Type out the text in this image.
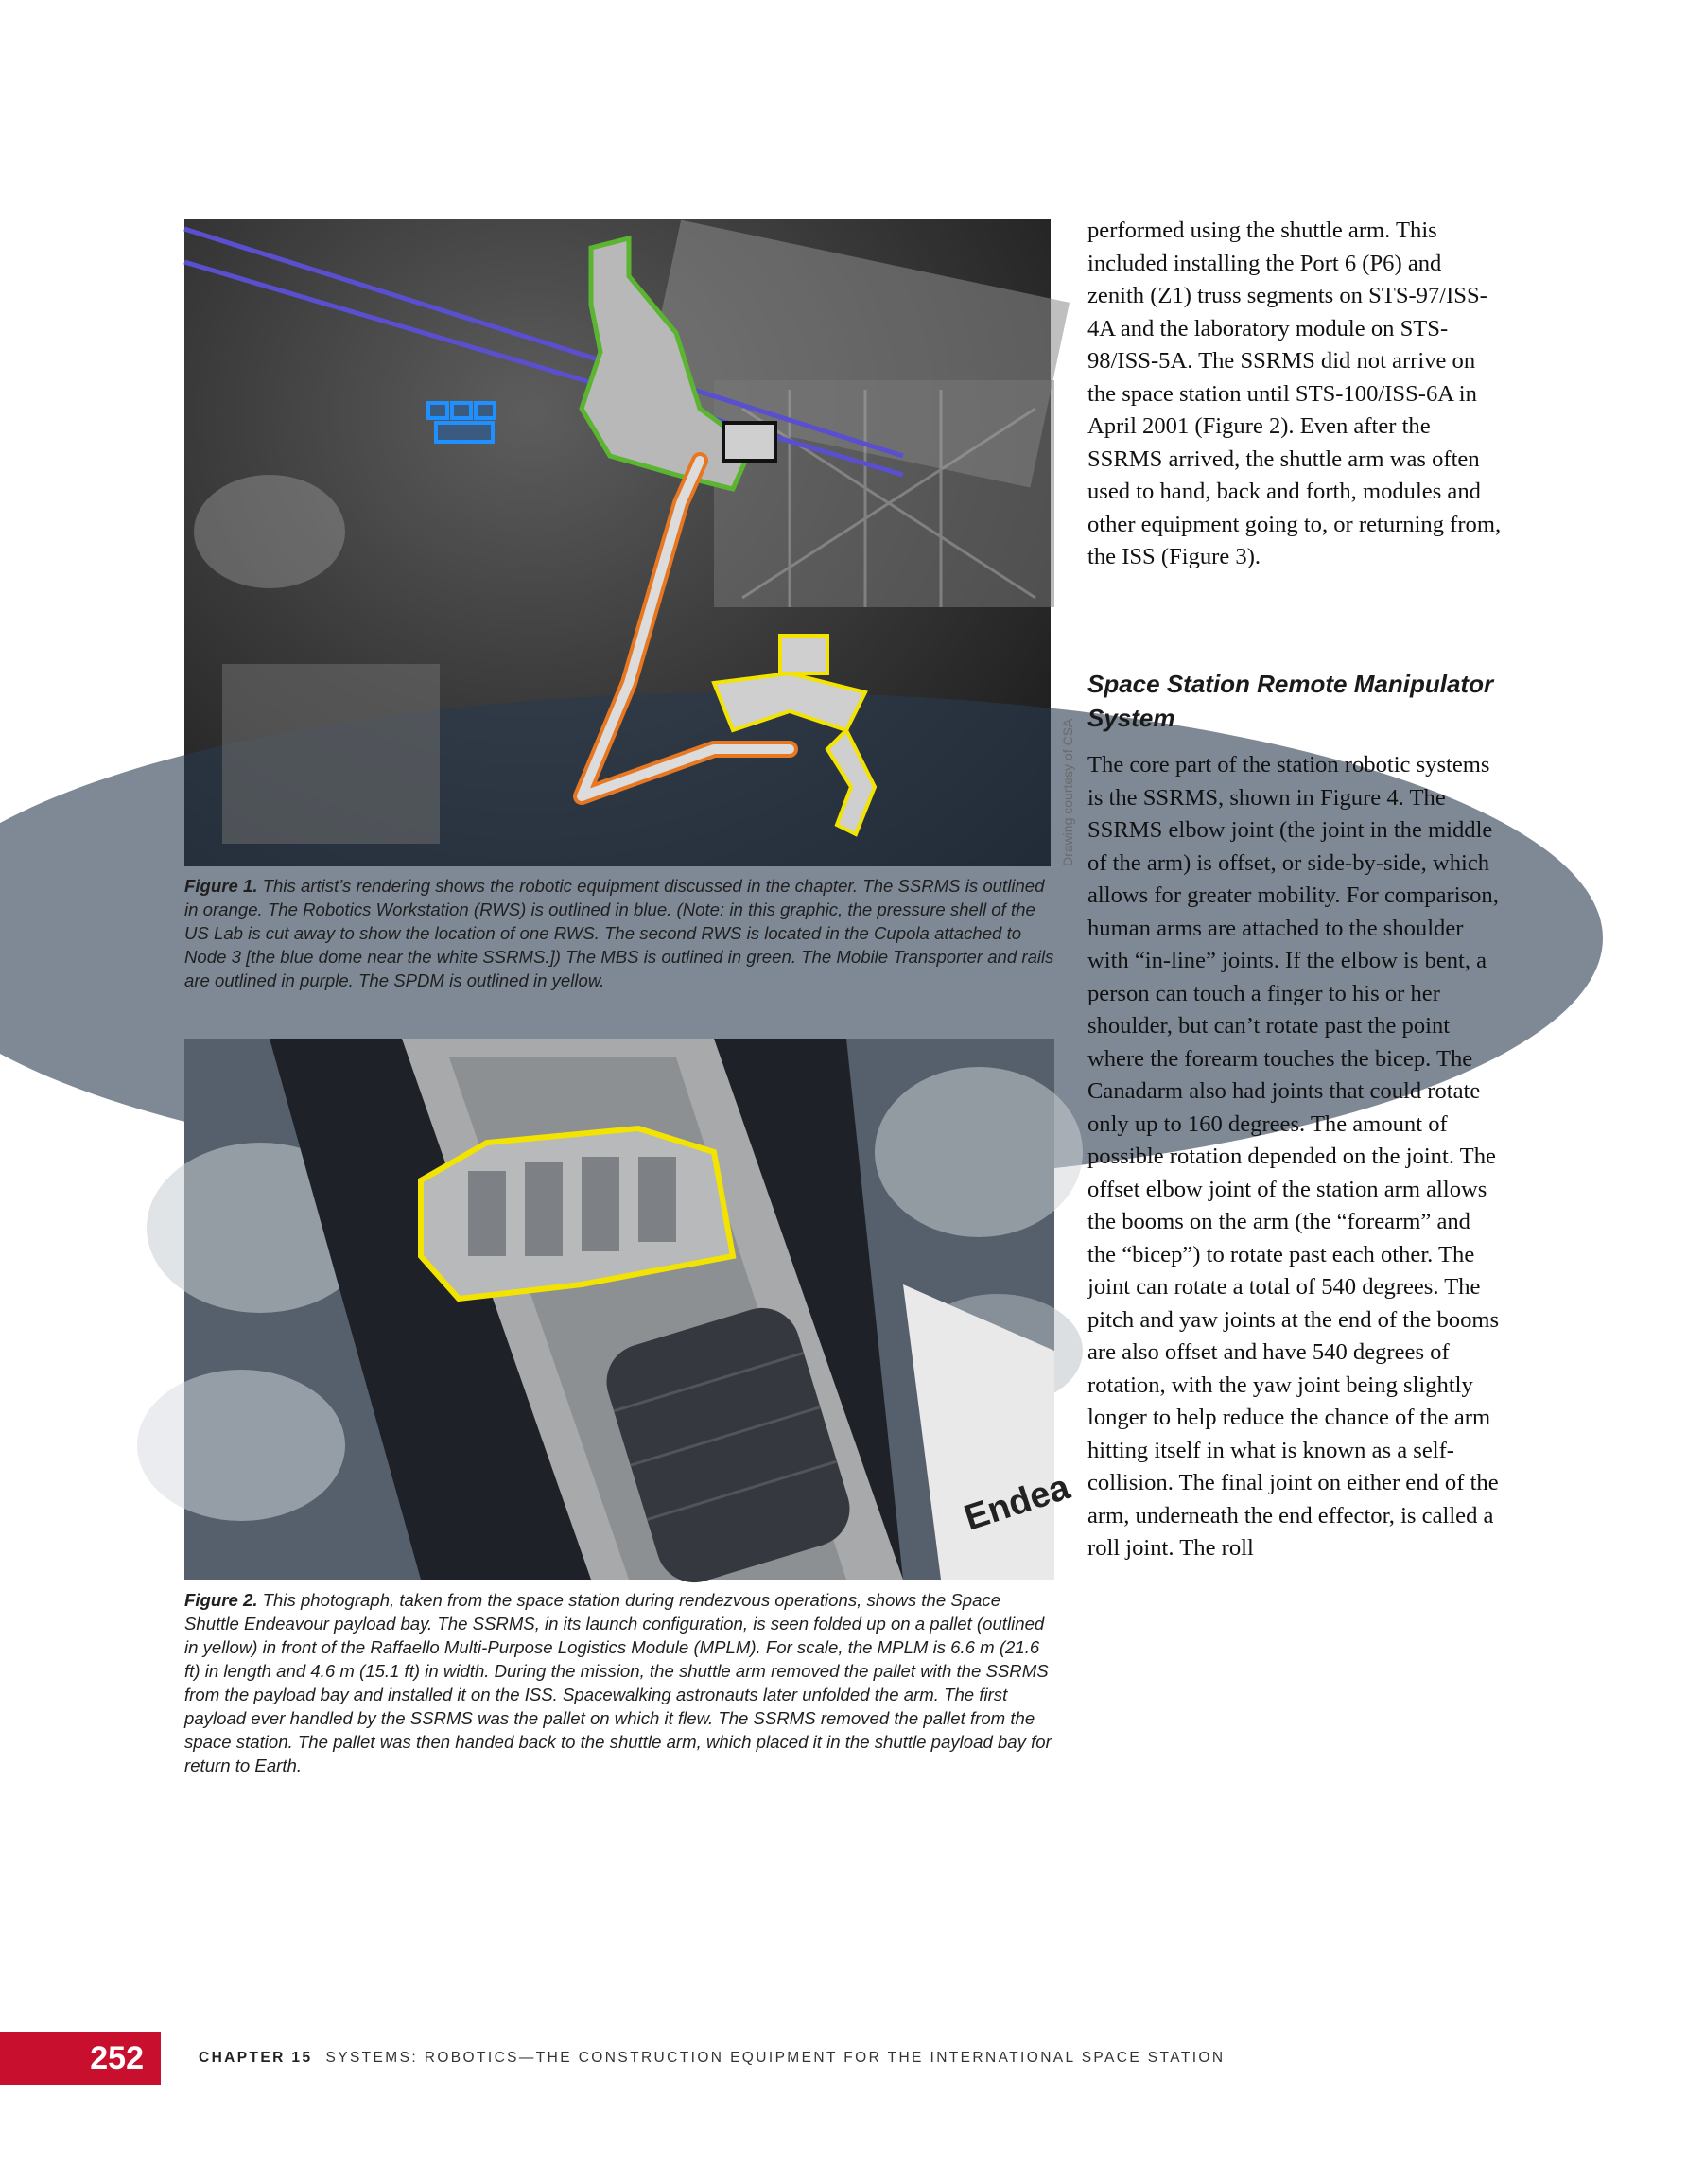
Drawing courtesy of CSA
Figure 1. This artist’s rendering shows the robotic equipment discussed in the chapter. The SSRMS is outlined in orange. The Robotics Workstation (RWS) is outlined in blue. (Note: in this graphic, the pressure shell of the US Lab is cut away to show the location of one RWS. The second RWS is located in the Cupola attached to Node 3 [the blue dome near the white SSRMS.]) The MBS is outlined in green. The Mobile Transporter and rails are outlined in purple. The SPDM is outlined in yellow.
Endea
Figure 2. This photograph, taken from the space station during rendezvous operations, shows the Space Shuttle Endeavour payload bay. The SSRMS, in its launch configuration, is seen folded up on a pallet (outlined in yellow) in front of the Raffaello Multi-Purpose Logistics Module (MPLM). For scale, the MPLM is 6.6 m (21.6 ft) in length and 4.6 m (15.1 ft) in width. During the mission, the shuttle arm removed the pallet with the SSRMS from the payload bay and installed it on the ISS. Spacewalking astronauts later unfolded the arm. The first payload ever handled by the SSRMS was the pallet on which it flew. The SSRMS removed the pallet from the space station. The pallet was then handed back to the shuttle arm, which placed it in the shuttle payload bay for return to Earth.

performed using the shuttle arm. This included installing the Port 6 (P6) and zenith (Z1) truss segments on STS-97/ISS-4A and the laboratory module on STS-98/ISS-5A. The SSRMS did not arrive on the space station until STS-100/ISS-6A in April 2001 (Figure 2). Even after the SSRMS arrived, the shuttle arm was often used to hand, back and forth, modules and other equipment going to, or returning from, the ISS (Figure 3).

Space Station Remote Manipulator System

The core part of the station robotic systems is the SSRMS, shown in Figure 4. The SSRMS elbow joint (the joint in the middle of the arm) is offset, or side-by-side, which allows for greater mobility. For comparison, human arms are attached to the shoulder with “in-line” joints. If the elbow is bent, a person can touch a finger to his or her shoulder, but can’t rotate past the point where the forearm touches the bicep. The Canadarm also had joints that could rotate only up to 160 degrees. The amount of possible rotation depended on the joint. The offset elbow joint of the station arm allows the booms on the arm (the “forearm” and the “bicep”) to rotate past each other. The joint can rotate a total of 540 degrees. The pitch and yaw joints at the end of the booms are also offset and have 540 degrees of rotation, with the yaw joint being slightly longer to help reduce the chance of the arm hitting itself in what is known as a self-collision. The final joint on either end of the arm, underneath the end effector, is called a roll joint. The roll

252	CHAPTER 15 SYSTEMS: ROBOTICS—THE CONSTRUCTION EQUIPMENT FOR THE INTERNATIONAL SPACE STATION
